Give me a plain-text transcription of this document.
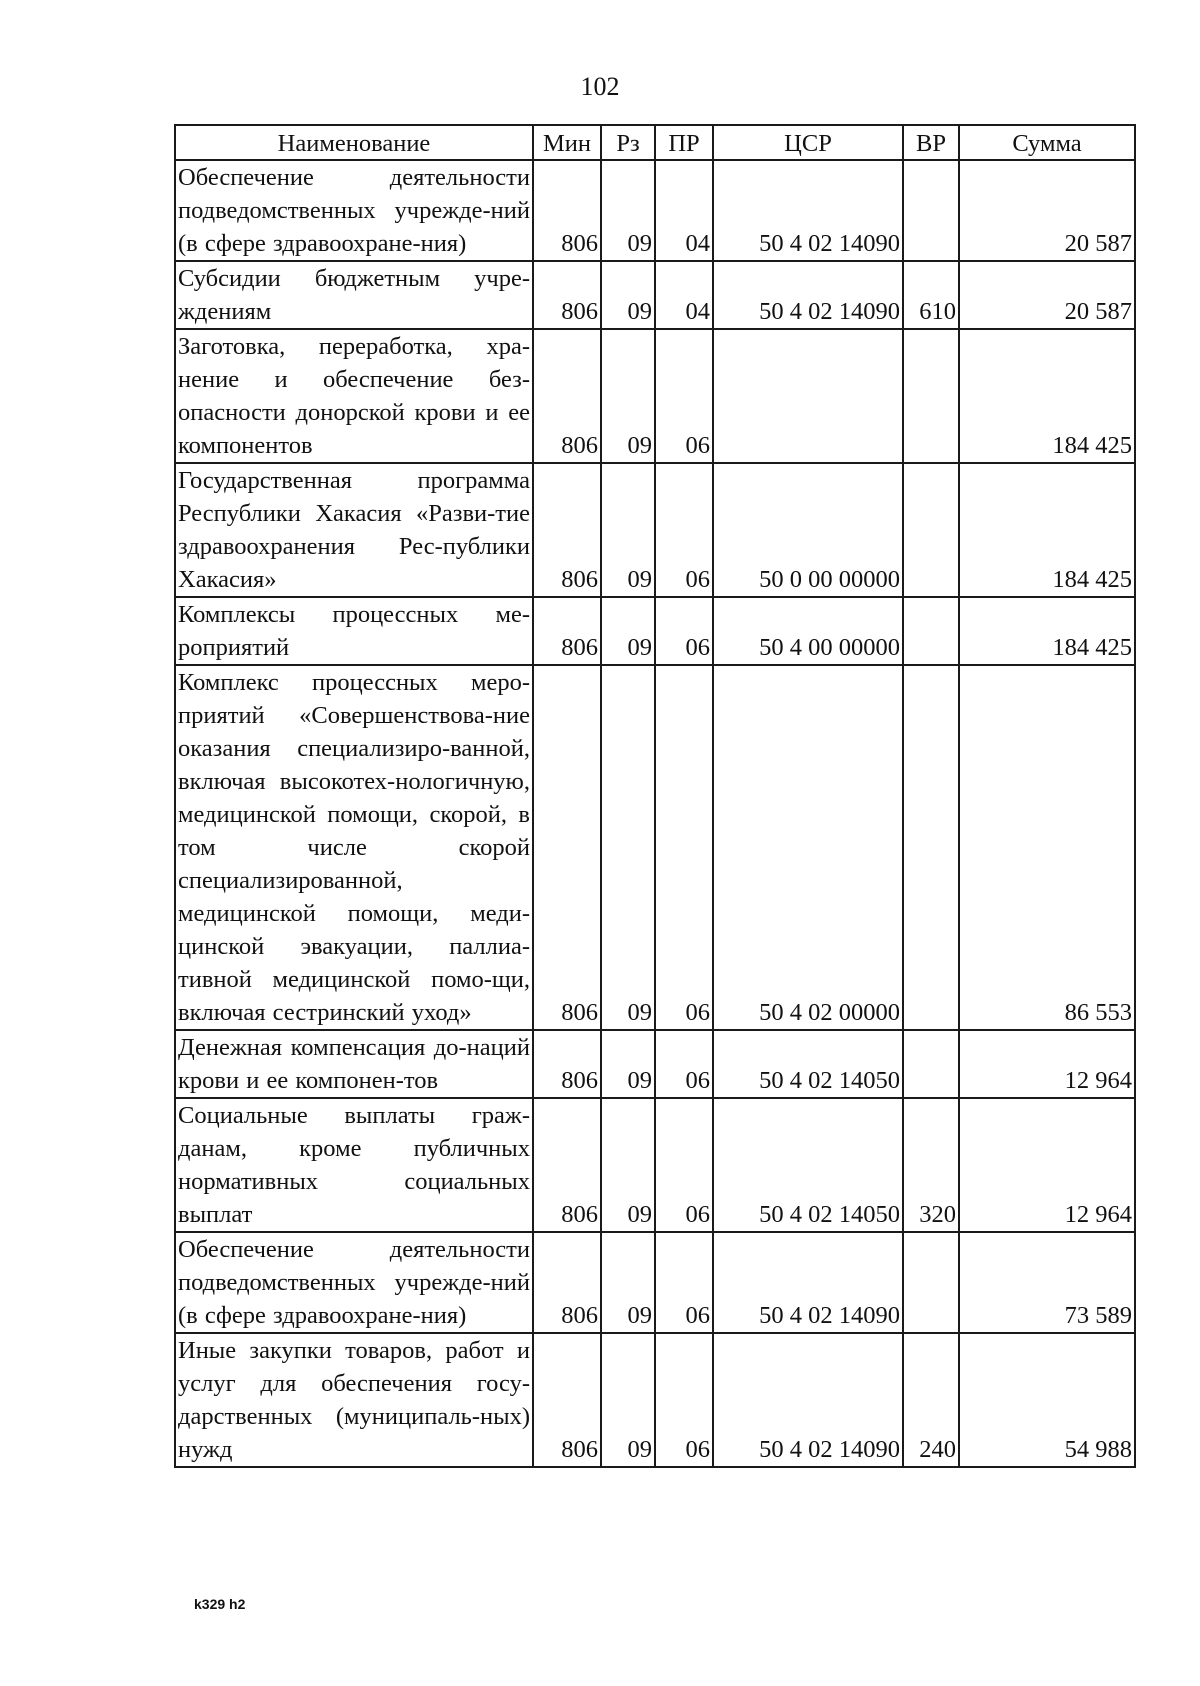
102
Наименование	Мин	Рз	ПР	ЦСР	ВР	Сумма
Обеспечение деятельности подведомственных учрежде-ний (в сфере здравоохране-ния)	806	09	04	50 4 02 14090		20 587
Субсидии бюджетным учре-ждениям	806	09	04	50 4 02 14090	610	20 587
Заготовка, переработка, хра-нение и обеспечение без-опасности донорской крови и ее компонентов	806	09	06			184 425
Государственная программа Республики Хакасия «Разви-тие здравоохранения Рес-публики Хакасия»	806	09	06	50 0 00 00000		184 425
Комплексы процессных ме-роприятий	806	09	06	50 4 00 00000		184 425
Комплекс процессных меро-приятий «Совершенствова-ние оказания специализиро-ванной, включая высокотех-нологичную, медицинской помощи, скорой, в том числе скорой специализированной, медицинской помощи, меди-цинской эвакуации, паллиа-тивной медицинской помо-щи, включая сестринский уход»	806	09	06	50 4 02 00000		86 553
Денежная компенсация до-наций крови и ее компонен-тов	806	09	06	50 4 02 14050		12 964
Социальные выплаты граж-данам, кроме публичных нормативных социальных выплат	806	09	06	50 4 02 14050	320	12 964
Обеспечение деятельности подведомственных учрежде-ний (в сфере здравоохране-ния)	806	09	06	50 4 02 14090		73 589
Иные закупки товаров, работ и услуг для обеспечения госу-дарственных (муниципаль-ных) нужд	806	09	06	50 4 02 14090	240	54 988
k329 h2
